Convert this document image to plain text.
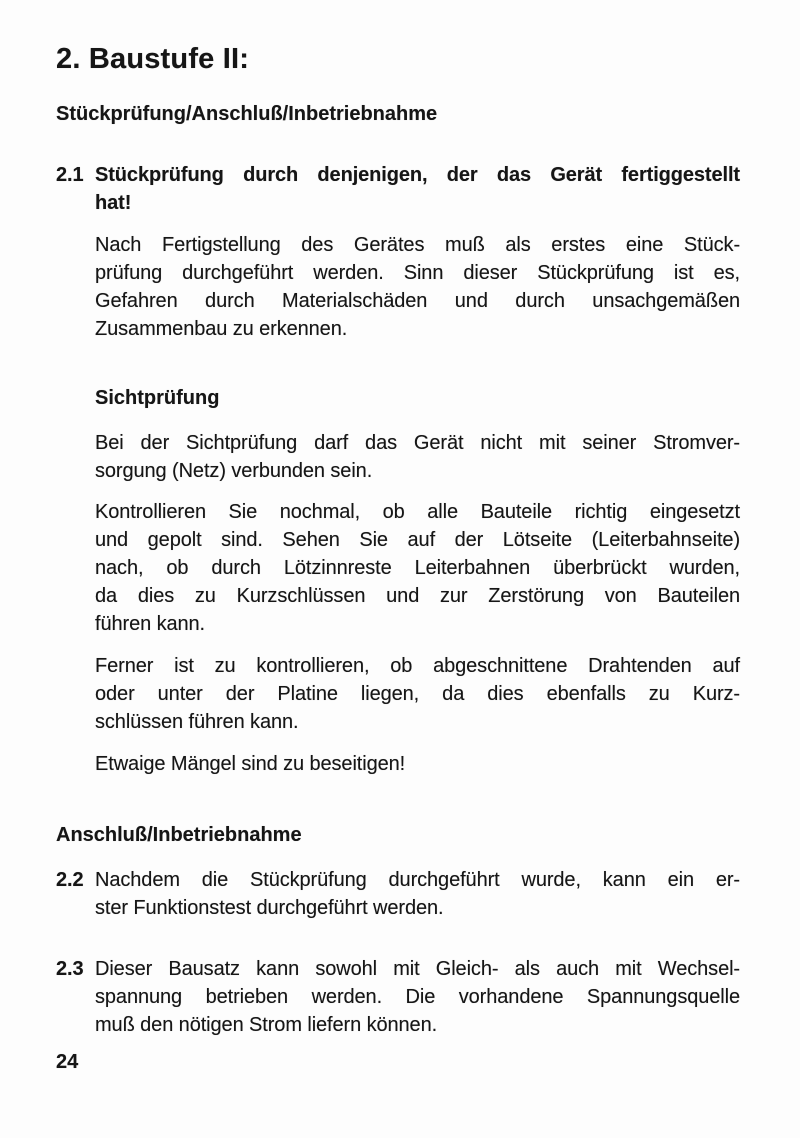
2. Baustufe II:
Stückprüfung/Anschluß/Inbetriebnahme
2.1 Stückprüfung durch denjenigen, der das Gerät fertiggestellt
hat!
Nach Fertigstellung des Gerätes muß als erstes eine Stück-
prüfung durchgeführt werden. Sinn dieser Stückprüfung ist es,
Gefahren durch Materialschäden und durch unsachgemäßen
Zusammenbau zu erkennen.
Sichtprüfung
Bei der Sichtprüfung darf das Gerät nicht mit seiner Stromver-
sorgung (Netz) verbunden sein.
Kontrollieren Sie nochmal, ob alle Bauteile richtig eingesetzt
und gepolt sind. Sehen Sie auf der Lötseite (Leiterbahnseite)
nach, ob durch Lötzinnreste Leiterbahnen überbrückt wurden,
da dies zu Kurzschlüssen und zur Zerstörung von Bauteilen
führen kann.
Ferner ist zu kontrollieren, ob abgeschnittene Drahtenden auf
oder unter der Platine liegen, da dies ebenfalls zu Kurz-
schlüssen führen kann.
Etwaige Mängel sind zu beseitigen!
Anschluß/Inbetriebnahme
2.2 Nachdem die Stückprüfung durchgeführt wurde, kann ein er-
ster Funktionstest durchgeführt werden.
2.3 Dieser Bausatz kann sowohl mit Gleich- als auch mit Wechsel-
spannung betrieben werden. Die vorhandene Spannungsquelle
muß den nötigen Strom liefern können.
24
